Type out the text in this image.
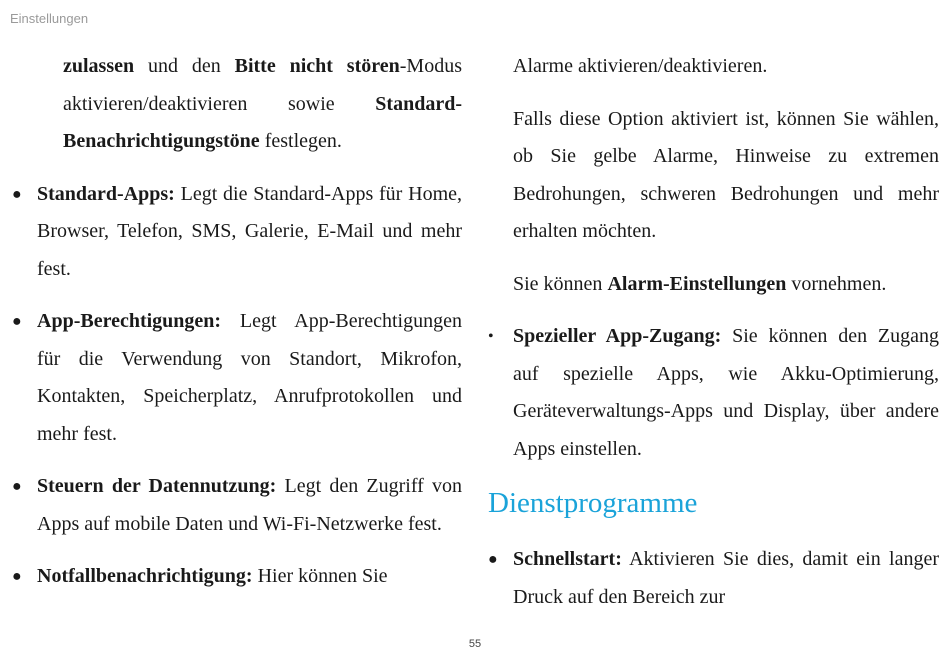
Einstellungen

zulassen und den Bitte nicht stören-Modus aktivieren/deaktivieren sowie Standard-Benachrichtigungstöne festlegen.

● Standard-Apps: Legt die Standard-Apps für Home, Browser, Telefon, SMS, Galerie, E-Mail und mehr fest.

● App-Berechtigungen: Legt App-Berechtigungen für die Verwendung von Standort, Mikrofon, Kontakten, Speicherplatz, Anrufprotokollen und mehr fest.

● Steuern der Datennutzung: Legt den Zugriff von Apps auf mobile Daten und Wi-Fi-Netzwerke fest.

● Notfallbenachrichtigung: Hier können Sie

Alarme aktivieren/deaktivieren.

Falls diese Option aktiviert ist, können Sie wählen, ob Sie gelbe Alarme, Hinweise zu extremen Bedrohungen, schweren Bedrohungen und mehr erhalten möchten.

Sie können Alarm-Einstellungen vornehmen.

• Spezieller App-Zugang: Sie können den Zugang auf spezielle Apps, wie Akku-Optimierung, Geräteverwaltungs-Apps und Display, über andere Apps einstellen.

Dienstprogramme
● Schnellstart: Aktivieren Sie dies, damit ein langer Druck auf den Bereich zur

55
